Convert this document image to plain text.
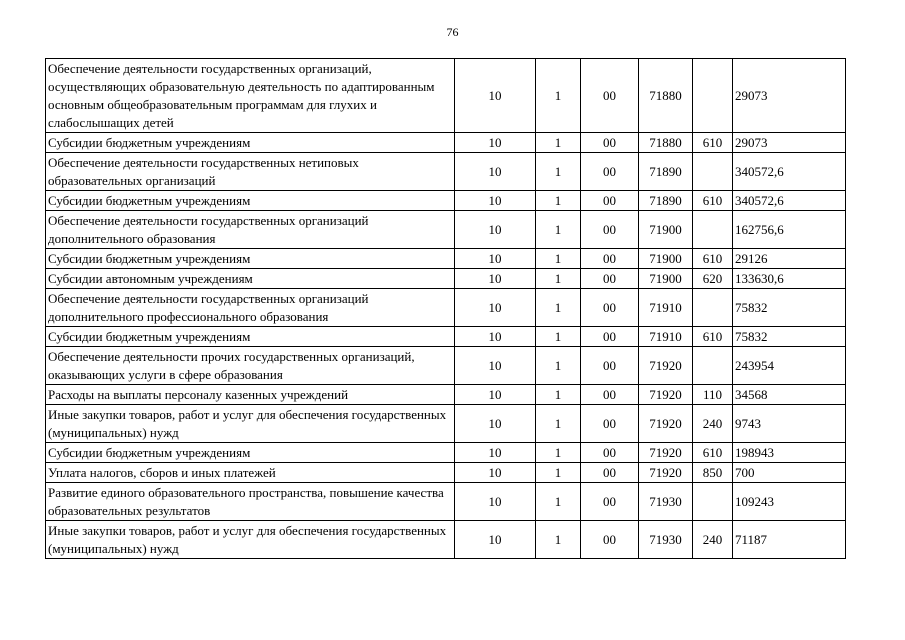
76
Обеспечение деятельности государственных организаций, осуществляющих образовательную деятельность по адаптированным основным общеобразовательным программам для глухих и слабослышащих детей	10	1	00	71880		29073
Субсидии бюджетным учреждениям	10	1	00	71880	610	29073
Обеспечение деятельности государственных нетиповых образовательных организаций	10	1	00	71890		340572,6
Субсидии бюджетным учреждениям	10	1	00	71890	610	340572,6
Обеспечение деятельности государственных организаций дополнительного образования	10	1	00	71900		162756,6
Субсидии бюджетным учреждениям	10	1	00	71900	610	29126
Субсидии автономным учреждениям	10	1	00	71900	620	133630,6
Обеспечение деятельности государственных организаций дополнительного профессионального образования	10	1	00	71910		75832
Субсидии бюджетным учреждениям	10	1	00	71910	610	75832
Обеспечение деятельности прочих государственных организаций, оказывающих услуги в сфере образования	10	1	00	71920		243954
Расходы на выплаты персоналу казенных учреждений	10	1	00	71920	110	34568
Иные закупки товаров, работ и услуг для обеспечения государственных (муниципальных) нужд	10	1	00	71920	240	9743
Субсидии бюджетным учреждениям	10	1	00	71920	610	198943
Уплата налогов, сборов и иных платежей	10	1	00	71920	850	700
Развитие единого образовательного пространства, повышение качества образовательных результатов	10	1	00	71930		109243
Иные закупки товаров, работ и услуг для обеспечения государственных (муниципальных) нужд	10	1	00	71930	240	71187
